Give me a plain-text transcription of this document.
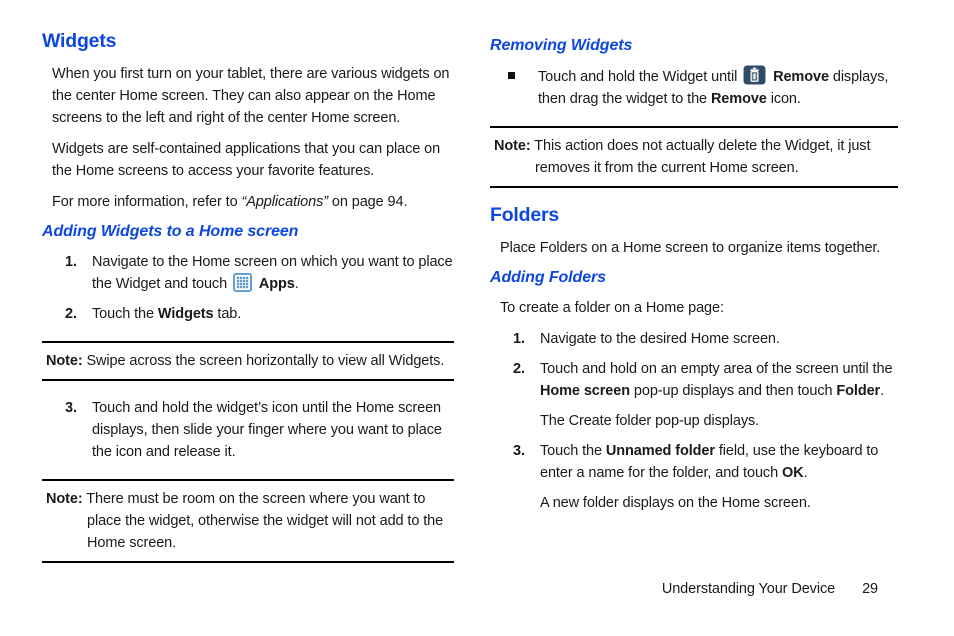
Widgets
When you first turn on your tablet, there are various widgets on the center Home screen. They can also appear on the Home screens to the left and right of the center Home screen.
Widgets are self-contained applications that you can place on the Home screens to access your favorite features.
For more information, refer to “Applications” on page 94.
Adding Widgets to a Home screen
1. Navigate to the Home screen on which you want to place the Widget and touch  Apps.
2. Touch the Widgets tab.
Note: Swipe across the screen horizontally to view all Widgets.
3. Touch and hold the widget’s icon until the Home screen displays, then slide your finger where you want to place the icon and release it.
Note: There must be room on the screen where you want to place the widget, otherwise the widget will not add to the Home screen.
Removing Widgets
Touch and hold the Widget until  Remove displays, then drag the widget to the Remove icon.
Note: This action does not actually delete the Widget, it just removes it from the current Home screen.
Folders
Place Folders on a Home screen to organize items together.
Adding Folders
To create a folder on a Home page:
1. Navigate to the desired Home screen.
2. Touch and hold on an empty area of the screen until the Home screen pop-up displays and then touch Folder.
The Create folder pop-up displays.
3. Touch the Unnamed folder field, use the keyboard to enter a name for the folder, and touch OK.
A new folder displays on the Home screen.
Understanding Your Device 29
